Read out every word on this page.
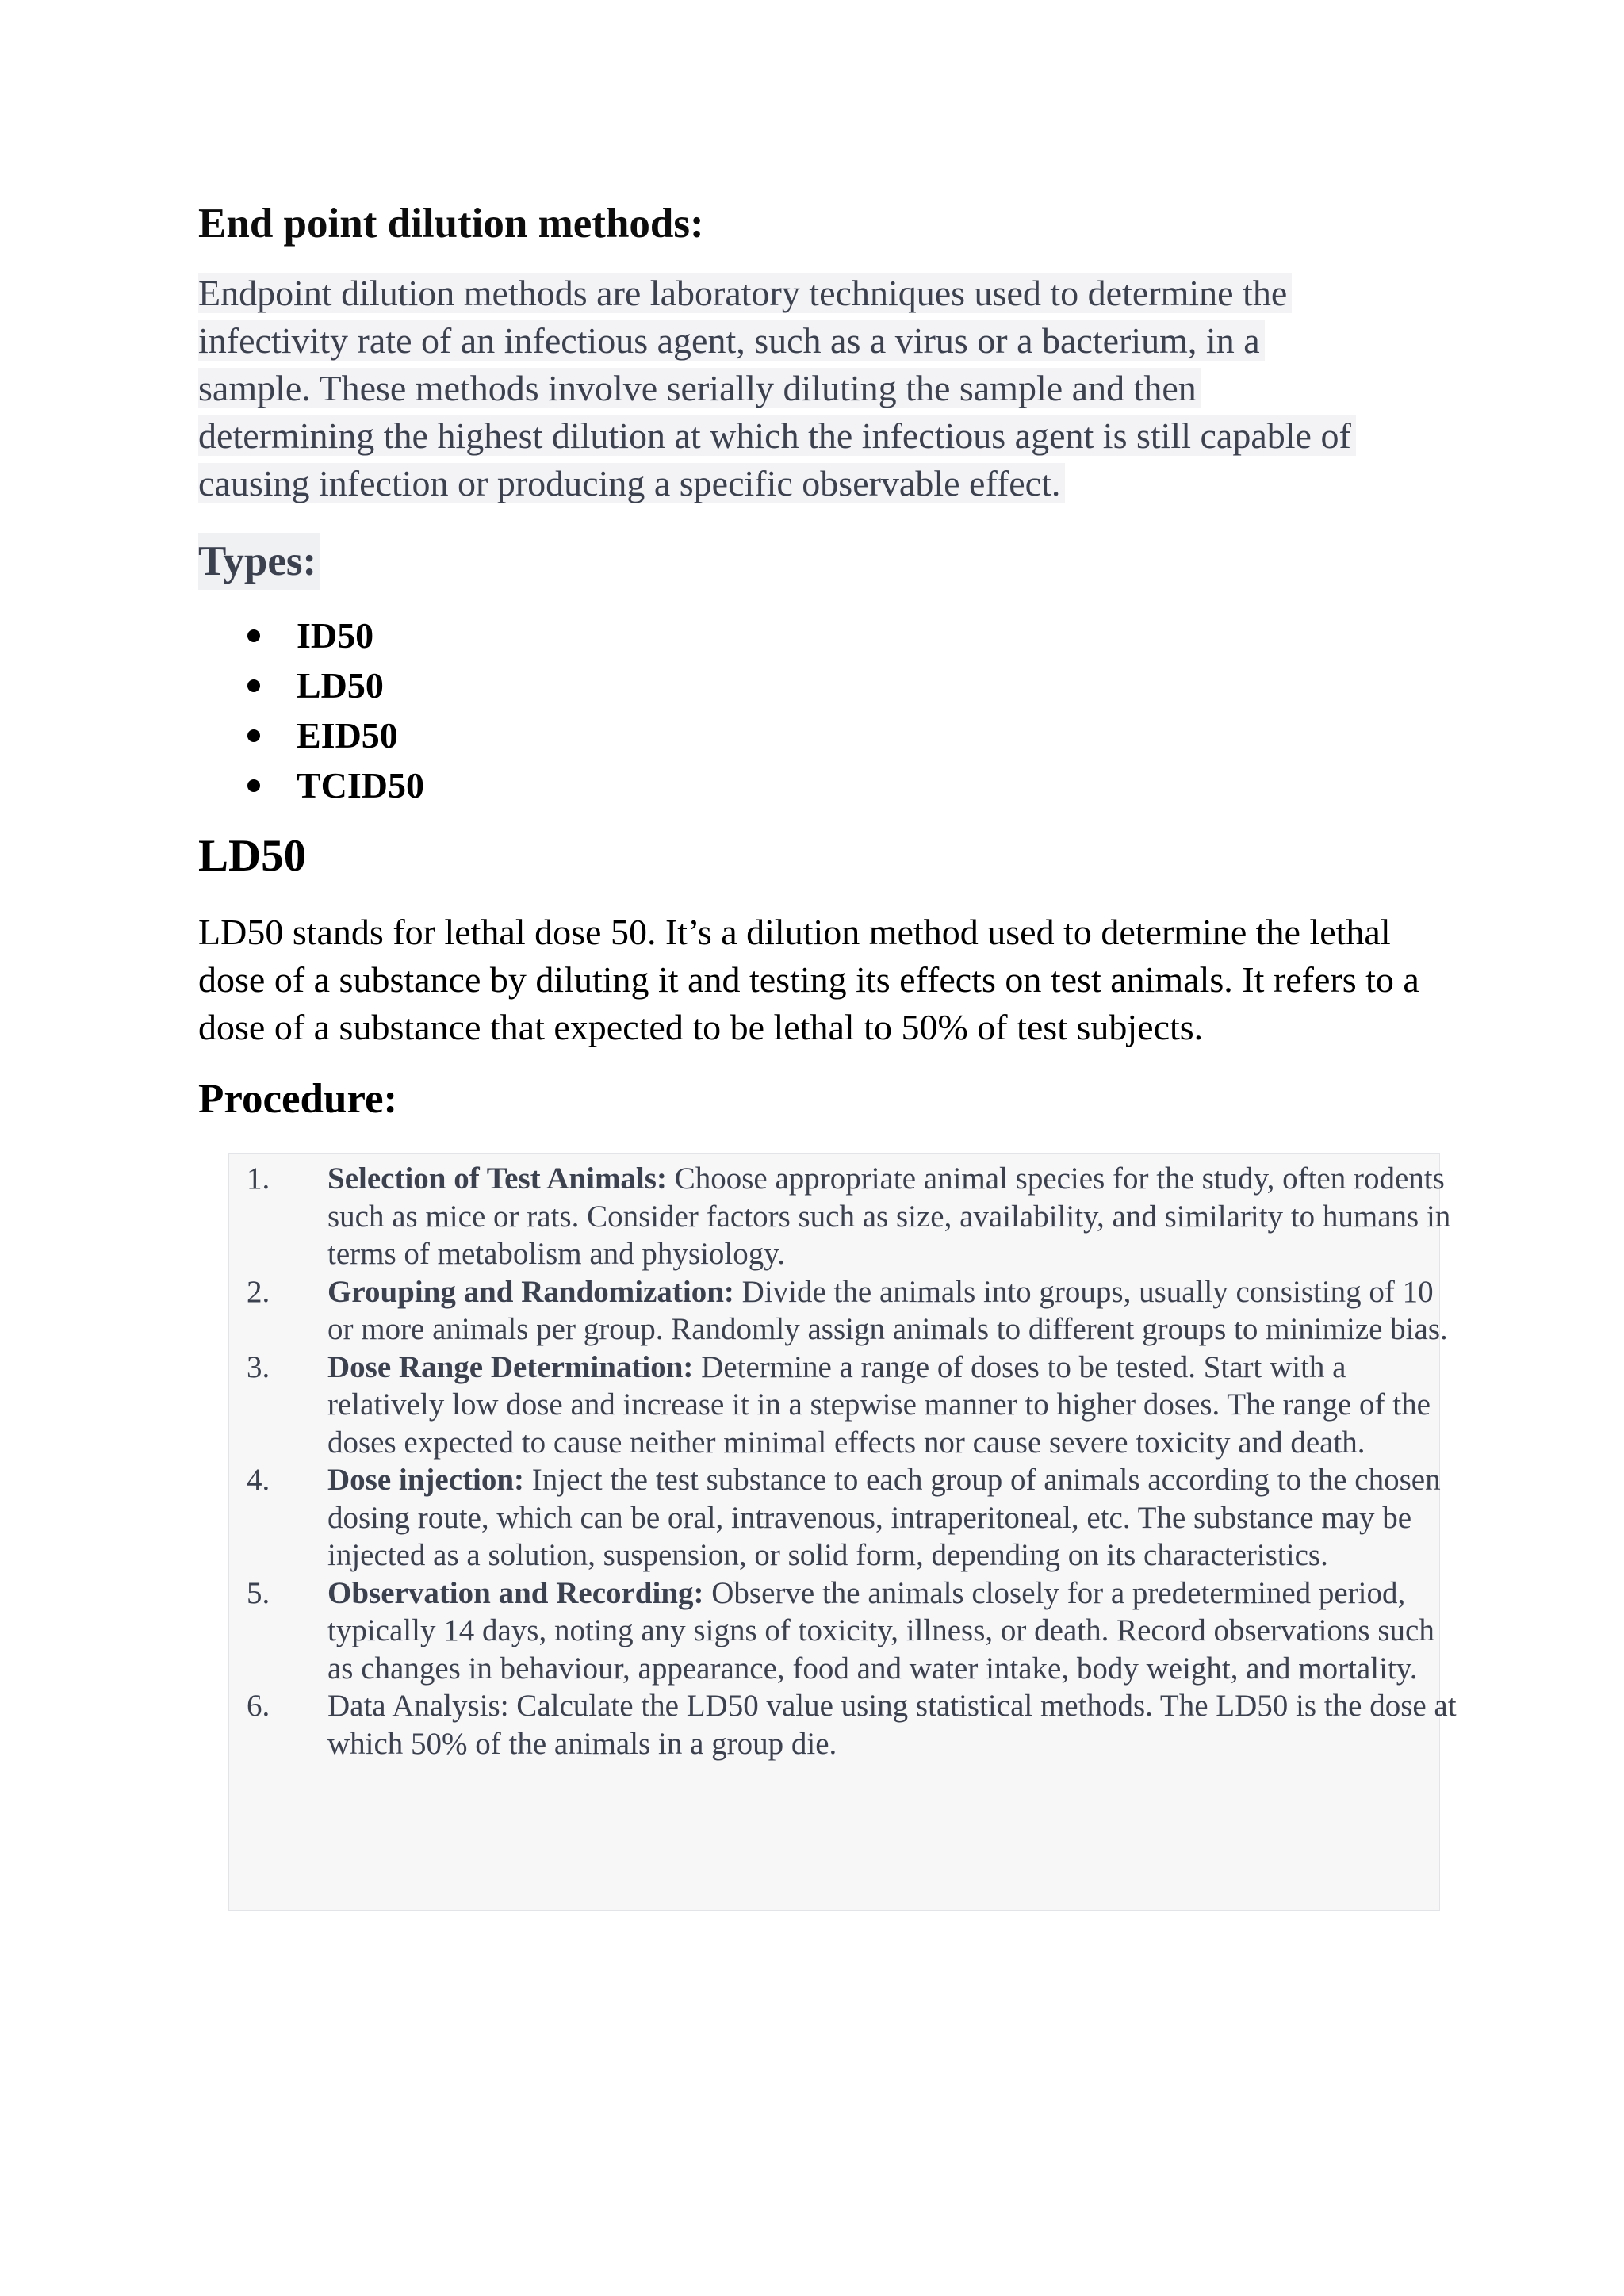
End point dilution methods:

Endpoint dilution methods are laboratory techniques used to determine the
infectivity rate of an infectious agent, such as a virus or a bacterium, in a
sample. These methods involve serially diluting the sample and then
determining the highest dilution at which the infectious agent is still capable of
causing infection or producing a specific observable effect.

Types:
ID50
LD50
EID50
TCID50
LD50

LD50 stands for lethal dose 50. It’s a dilution method used to determine the lethal dose of a substance by diluting it and testing its effects on test animals. It refers to a dose of a substance that expected to be lethal to 50% of test subjects.

Procedure:
1. Selection of Test Animals: Choose appropriate animal species for the study, often rodents such as mice or rats. Consider factors such as size, availability, and similarity to humans in terms of metabolism and physiology.
2. Grouping and Randomization: Divide the animals into groups, usually consisting of 10 or more animals per group. Randomly assign animals to different groups to minimize bias.
3. Dose Range Determination: Determine a range of doses to be tested. Start with a relatively low dose and increase it in a stepwise manner to higher doses. The range of the doses expected to cause neither minimal effects nor cause severe toxicity and death.
4. Dose injection: Inject the test substance to each group of animals according to the chosen dosing route, which can be oral, intravenous, intraperitoneal, etc. The substance may be injected as a solution, suspension, or solid form, depending on its characteristics.
5. Observation and Recording: Observe the animals closely for a predetermined period, typically 14 days, noting any signs of toxicity, illness, or death. Record observations such as changes in behaviour, appearance, food and water intake, body weight, and mortality.
6. Data Analysis: Calculate the LD50 value using statistical methods. The LD50 is the dose at which 50% of the animals in a group die.
